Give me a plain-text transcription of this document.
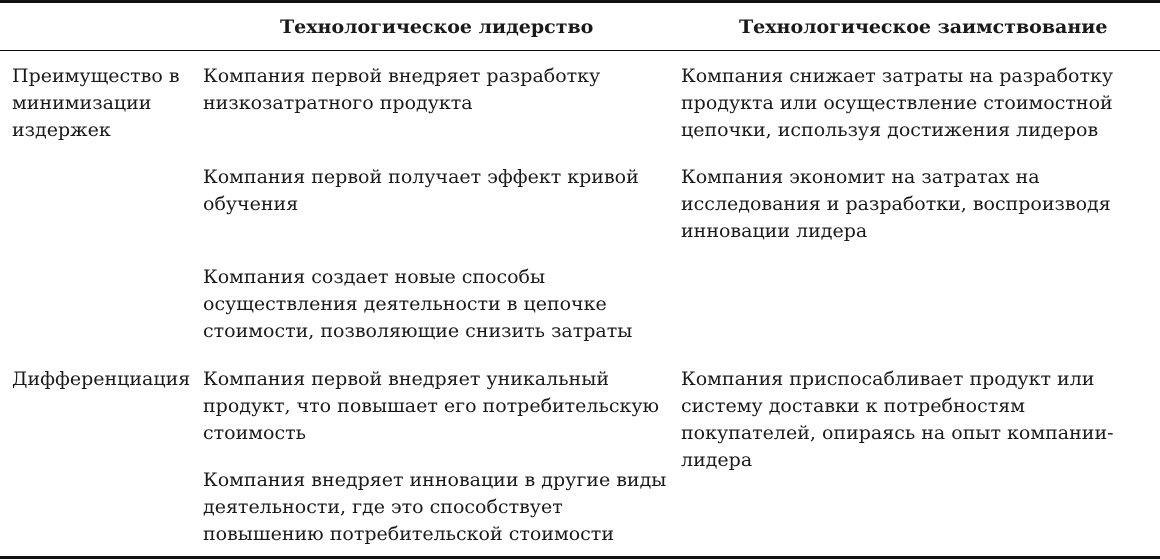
Технологическое лидерство	Технологическое заимствование
Преимущество в минимизации издержек
Компания первой внедряет разработку низкозатратного продукта
Компания первой получает эффект кривой обучения
Компания создает новые способы осуществления деятельности в цепочке стоимости, позволяющие снизить затраты
Компания снижает затраты на разработку продукта или осуществление стоимостной цепочки, используя достижения лидеров
Компания экономит на затратах на исследования и разработки, воспроизводя инновации лидера
Дифференциация Компания первой внедряет уникальный продукт, что повышает его потребительскую стоимость
Компания внедряет инновации в другие виды деятельности, где это способствует повышению потребительской стоимости
Компания приспосабливает продукт или систему доставки к потребностям покупателей, опираясь на опыт компании-лидера
